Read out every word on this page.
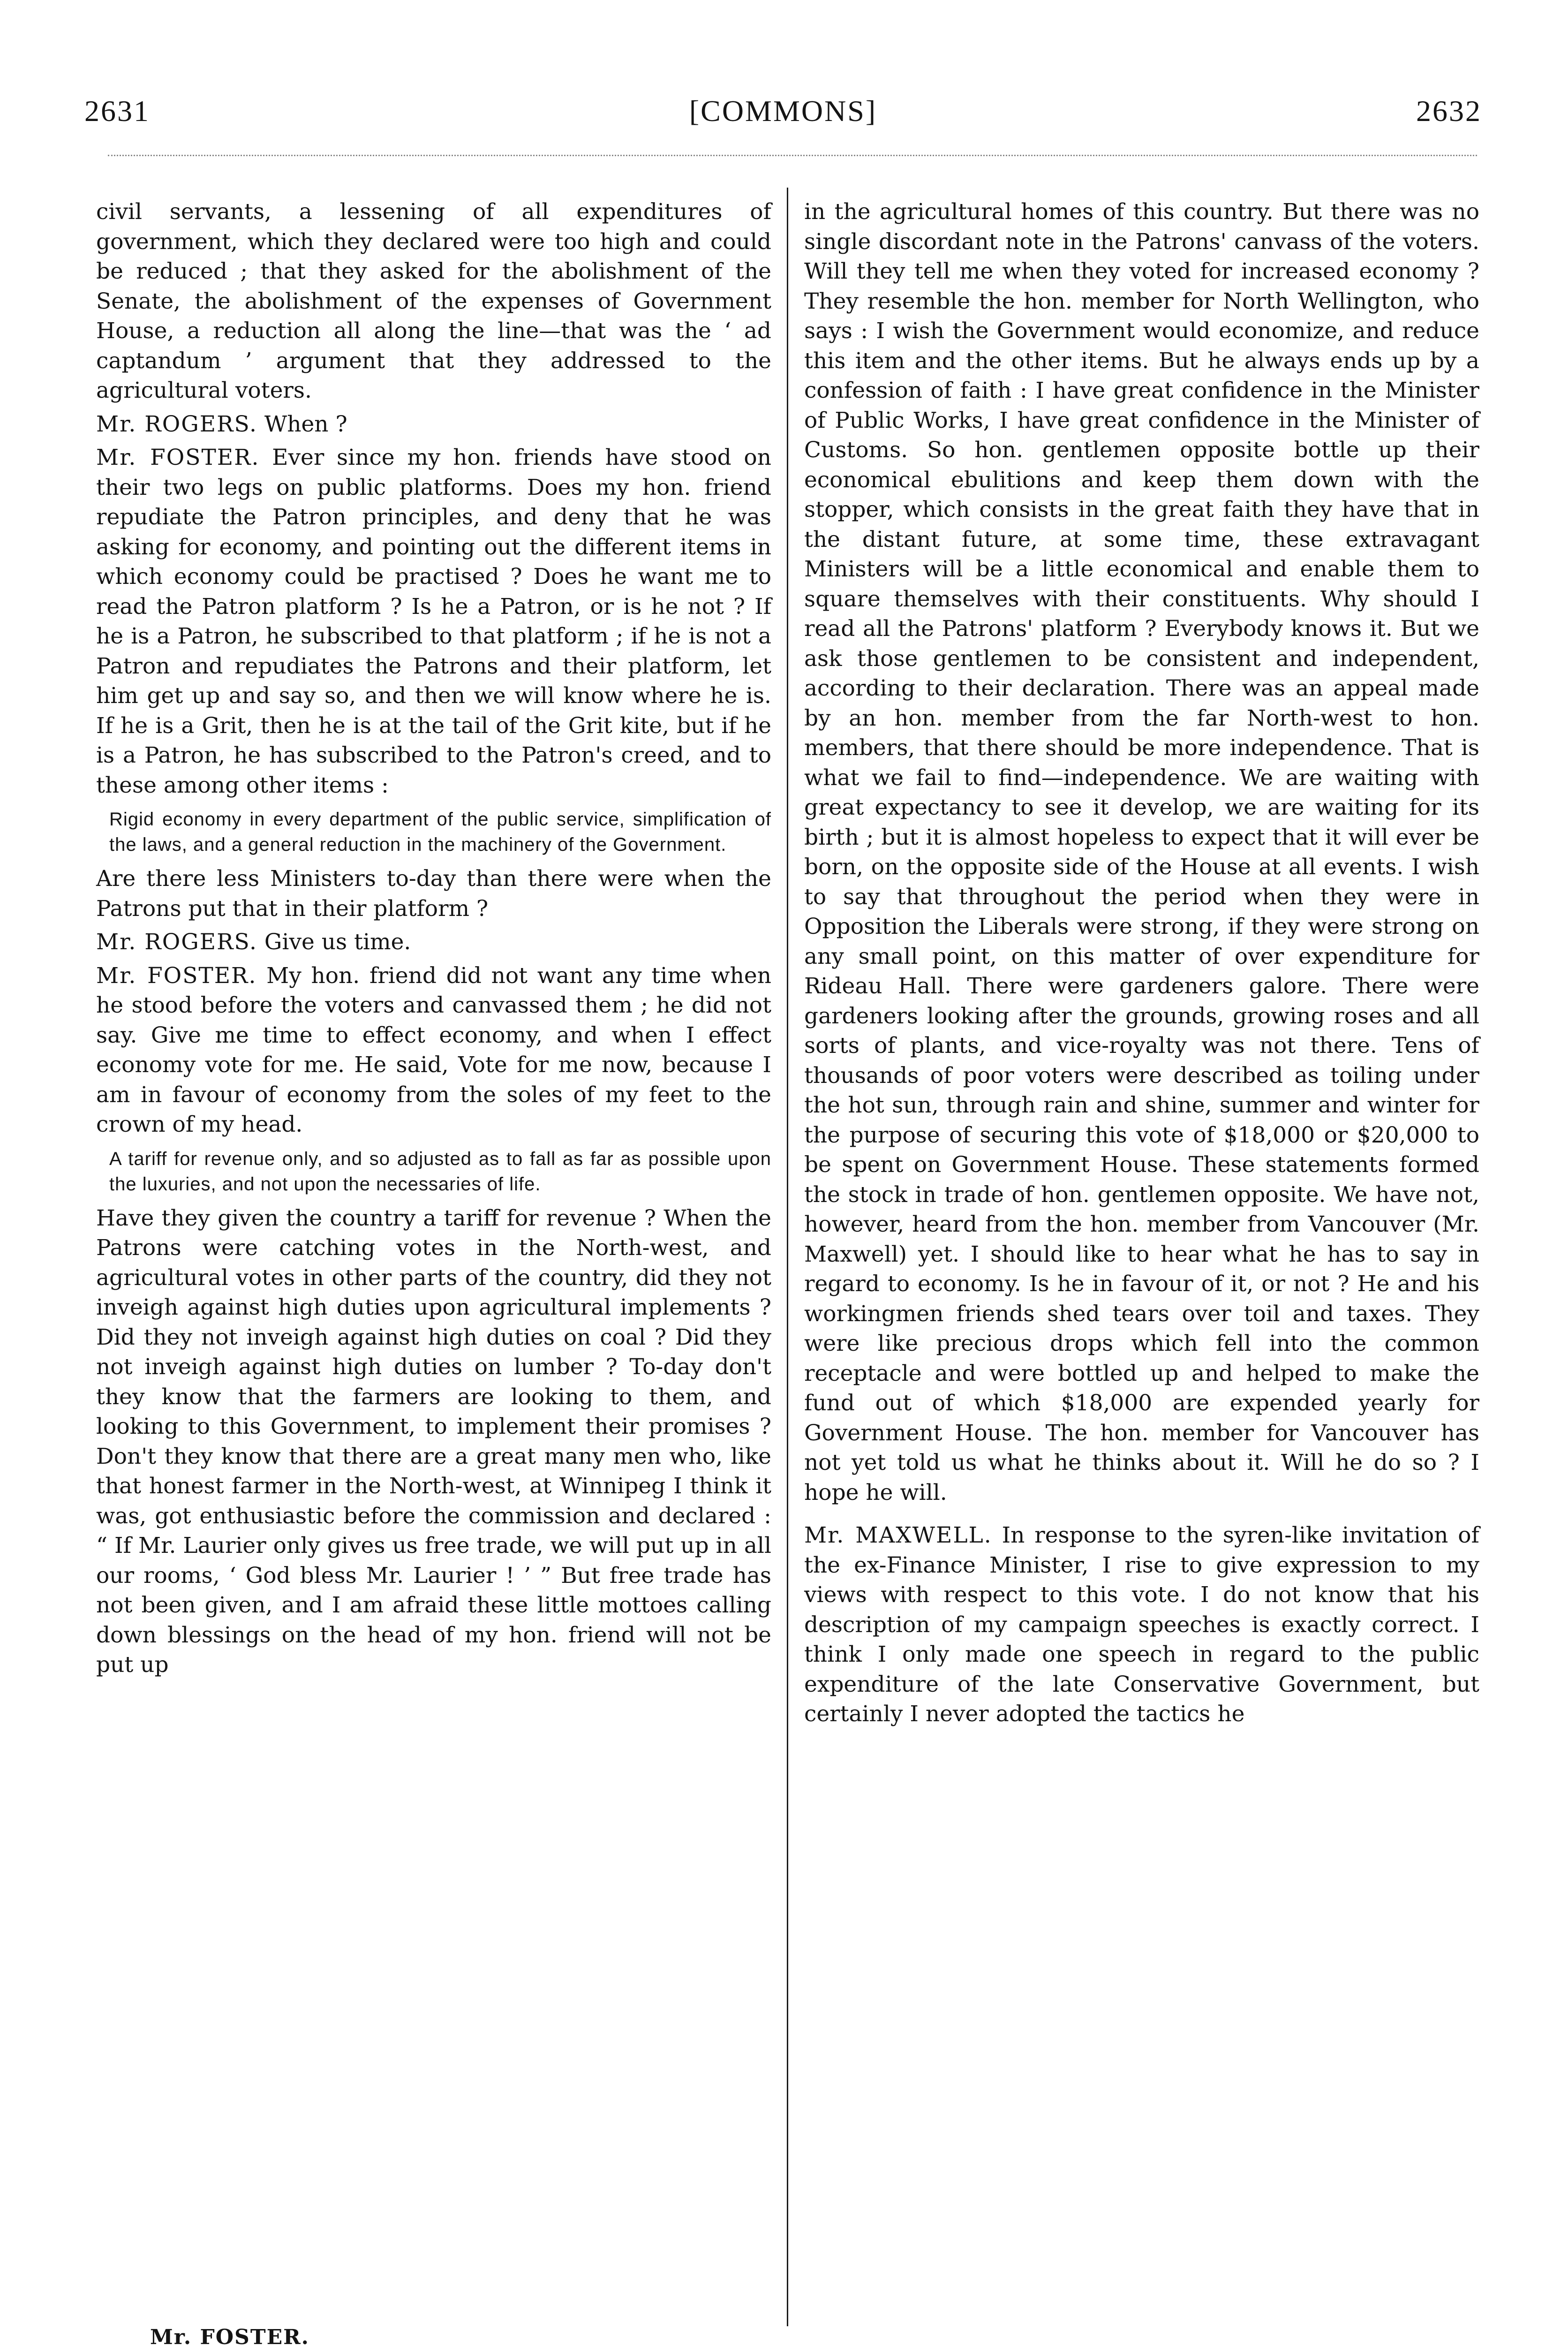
[COMMONS]
2631	2632

civil servants, a lessening of all expenditures of government, which they declared were too high and could be reduced ; that they asked for the abolishment of the Senate, the abolishment of the expenses of Government House, a reduction all along the line—that was the ‘ ad captandum ’ argument that they addressed to the agricultural voters.

Mr. ROGERS. When ?

Mr. FOSTER. Ever since my hon. friends have stood on their two legs on public platforms. Does my hon. friend repudiate the Patron principles, and deny that he was asking for economy, and pointing out the different items in which economy could be practised ? Does he want me to read the Patron platform ? Is he a Patron, or is he not ? If he is a Patron, he subscribed to that platform ; if he is not a Patron and repudiates the Patrons and their platform, let him get up and say so, and then we will know where he is. If he is a Grit, then he is at the tail of the Grit kite, but if he is a Patron, he has subscribed to the Patron's creed, and to these among other items :

Rigid economy in every department of the public service, simplification of the laws, and a general reduction in the machinery of the Government.

Are there less Ministers to-day than there were when the Patrons put that in their platform ?

Mr. ROGERS. Give us time.

Mr. FOSTER. My hon. friend did not want any time when he stood before the voters and canvassed them ; he did not say. Give me time to effect economy, and when I effect economy vote for me. He said, Vote for me now, because I am in favour of economy from the soles of my feet to the crown of my head.

A tariff for revenue only, and so adjusted as to fall as far as possible upon the luxuries, and not upon the necessaries of life.

Have they given the country a tariff for revenue ? When the Patrons were catching votes in the North-west, and agricultural votes in other parts of the country, did they not inveigh against high duties upon agricultural implements ? Did they not inveigh against high duties on coal ? Did they not inveigh against high duties on lumber ? To-day don't they know that the farmers are looking to them, and looking to this Government, to implement their promises ? Don't they know that there are a great many men who, like that honest farmer in the North-west, at Winnipeg I think it was, got enthusiastic before the commission and declared : “ If Mr. Laurier only gives us free trade, we will put up in all our rooms, ‘ God bless Mr. Laurier ! ’ ” But free trade has not been given, and I am afraid these little mottoes calling down blessings on the head of my hon. friend will not be put up

Mr. FOSTER.

in the agricultural homes of this country. But there was no single discordant note in the Patrons' canvass of the voters. Will they tell me when they voted for increased economy ? They resemble the hon. member for North Wellington, who says : I wish the Government would economize, and reduce this item and the other items. But he always ends up by a confession of faith : I have great confidence in the Minister of Public Works, I have great confidence in the Minister of Customs. So hon. gentlemen opposite bottle up their economical ebulitions and keep them down with the stopper, which consists in the great faith they have that in the distant future, at some time, these extravagant Ministers will be a little economical and enable them to square themselves with their constituents. Why should I read all the Patrons' platform ? Everybody knows it. But we ask those gentlemen to be consistent and independent, according to their declaration. There was an appeal made by an hon. member from the far North-west to hon. members, that there should be more independence. That is what we fail to find—independence. We are waiting with great expectancy to see it develop, we are waiting for its birth ; but it is almost hopeless to expect that it will ever be born, on the opposite side of the House at all events. I wish to say that throughout the period when they were in Opposition the Liberals were strong, if they were strong on any small point, on this matter of over expenditure for Rideau Hall. There were gardeners galore. There were gardeners looking after the grounds, growing roses and all sorts of plants, and vice-royalty was not there. Tens of thousands of poor voters were described as toiling under the hot sun, through rain and shine, summer and winter for the purpose of securing this vote of $18,000 or $20,000 to be spent on Government House. These statements formed the stock in trade of hon. gentlemen opposite. We have not, however, heard from the hon. member from Vancouver (Mr. Maxwell) yet. I should like to hear what he has to say in regard to economy. Is he in favour of it, or not ? He and his workingmen friends shed tears over toil and taxes. They were like precious drops which fell into the common receptacle and were bottled up and helped to make the fund out of which $18,000 are expended yearly for Government House. The hon. member for Vancouver has not yet told us what he thinks about it. Will he do so ? I hope he will.

Mr. MAXWELL. In response to the syren-like invitation of the ex-Finance Minister, I rise to give expression to my views with respect to this vote. I do not know that his description of my campaign speeches is exactly correct. I think I only made one speech in regard to the public expenditure of the late Conservative Government, but certainly I never adopted the tactics he
